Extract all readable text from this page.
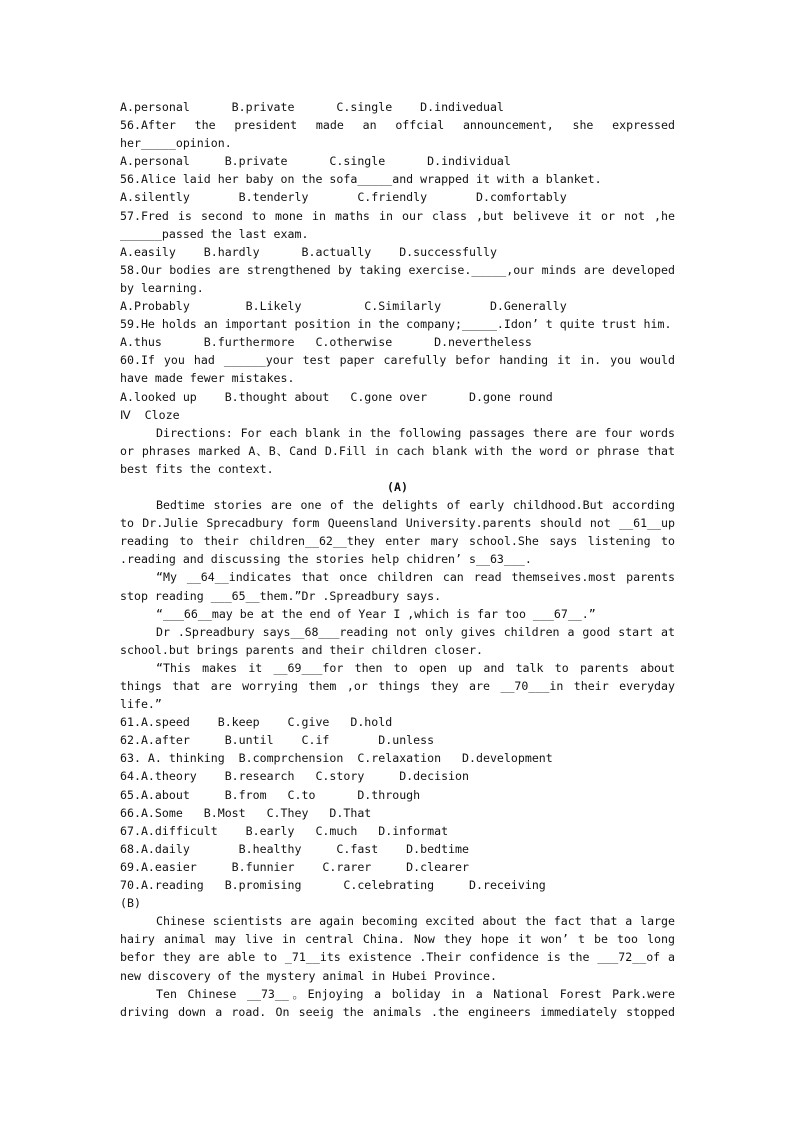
A.personal      B.private      C.single    D.indivedual
56.After the president made an offcial announcement, she expressed
her_____opinion.
A.personal     B.private      C.single      D.individual
56.Alice laid her baby on the sofa_____and wrapped it with a blanket.
A.silently       B.tenderly       C.friendly       D.comfortably
57.Fred is second to mone in maths in our class ,but beliveve it or not ,he
______passed the last exam.
A.easily    B.hardly      B.actually    D.successfully
58.Our bodies are strengthened by taking exercise._____,our minds are developed
by learning.
A.Probably        B.Likely         C.Similarly       D.Generally
59.He holds an important position in the company;_____.Idon’ t quite trust him.
A.thus      B.furthermore   C.otherwise      D.nevertheless
60.If you had ______your test paper carefully befor handing it in. you would
have made fewer mistakes.
A.looked up    B.thought about   C.gone over      D.gone round
Ⅳ  Cloze
Directions: For each blank in the following passages there are four words
or phrases marked A、B、Cand D.Fill in cach blank with the word or phrase that
best fits the context.
(A)
Bedtime stories are one of the delights of early childhood.But according
to Dr.Julie Sprecadbury form Queensland University.parents should not __61__up
reading to their children__62__they enter mary school.She says listening to
.reading and discussing the stories help chidren’ s__63___.
“My __64__indicates that once children can read themseives.most parents
stop reading ___65__them.”Dr .Spreadbury says.
“___66__may be at the end of Year I ,which is far too ___67__.”
Dr .Spreadbury says__68___reading not only gives children a good start at
school.but brings parents and their children closer.
“This makes it __69___for then to open up and talk to parents about
things that are worrying them ,or things they are __70___in their everyday
life.”
61.A.speed    B.keep    C.give   D.hold
62.A.after     B.until    C.if       D.unless
63. A. thinking  B.comprchension  C.relaxation   D.development
64.A.theory    B.research   C.story     D.decision
65.A.about     B.from   C.to      D.through
66.A.Some   B.Most   C.They   D.That
67.A.difficult    B.early   C.much   D.informat
68.A.daily       B.healthy     C.fast    D.bedtime
69.A.easier     B.funnier    C.rarer     D.clearer
70.A.reading   B.promising      C.celebrating     D.receiving
(B)
Chinese scientists are again becoming excited about the fact that a large
hairy animal may live in central China. Now they hope it won’ t be too long
befor they are able to _71__its existence .Their confidence is the ___72__of a
new discovery of the mystery animal in Hubei Province.
Ten Chinese __73__。Enjoying a boliday in a National Forest Park.were
driving down a road. On seeig the animals .the engineers immediately stopped
